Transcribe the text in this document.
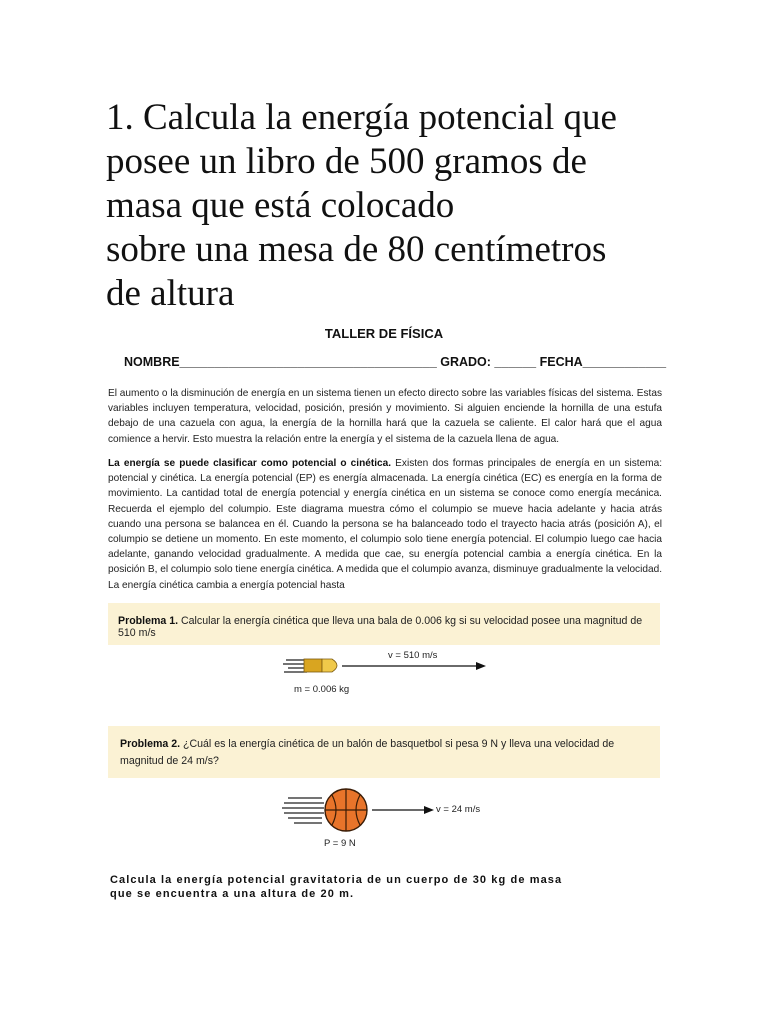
1. Calcula la energía potencial que
posee un libro de 500 gramos de
masa que está colocado
sobre una mesa de 80 centímetros
de altura
TALLER DE FÍSICA
NOMBRE_____________________________________ GRADO: ______ FECHA____________

El aumento o la disminución de energía en un sistema tienen un efecto directo sobre las variables físicas del sistema. Estas variables incluyen temperatura, velocidad, posición, presión y movimiento. Si alguien enciende la hornilla de una estufa debajo de una cazuela con agua, la energía de la hornilla hará que la cazuela se caliente. El calor hará que el agua comience a hervir. Esto muestra la relación entre la energía y el sistema de la cazuela llena de agua.

La energía se puede clasificar como potencial o cinética. Existen dos formas principales de energía en un sistema: potencial y cinética. La energía potencial (EP) es energía almacenada. La energía cinética (EC) es energía en la forma de movimiento. La cantidad total de energía potencial y energía cinética en un sistema se conoce como energía mecánica. Recuerda el ejemplo del columpio. Este diagrama muestra cómo el columpio se mueve hacia adelante y hacia atrás cuando una persona se balancea en él. Cuando la persona se ha balanceado todo el trayecto hacia atrás (posición A), el columpio se detiene un momento. En este momento, el columpio solo tiene energía potencial. El columpio luego cae hacia adelante, ganando velocidad gradualmente. A medida que cae, su energía potencial cambia a energía cinética. En la posición B, el columpio solo tiene energía cinética. A medida que el columpio avanza, disminuye gradualmente la velocidad. La energía cinética cambia a energía potencial hasta

Problema 1. Calcular la energía cinética que lleva una bala de 0.006 kg si su velocidad posee una magnitud de 510 m/s
v = 510 m/s
m = 0.006 kg
Problema 2. ¿Cuál es la energía cinética de un balón de basquetbol si pesa 9 N y lleva una velocidad de magnitud de 24 m/s?
v = 24 m/s
P = 9 N

Calcula la energía potencial gravitatoria de un cuerpo de 30 kg de masa
que se encuentra a una altura de 20 m.
